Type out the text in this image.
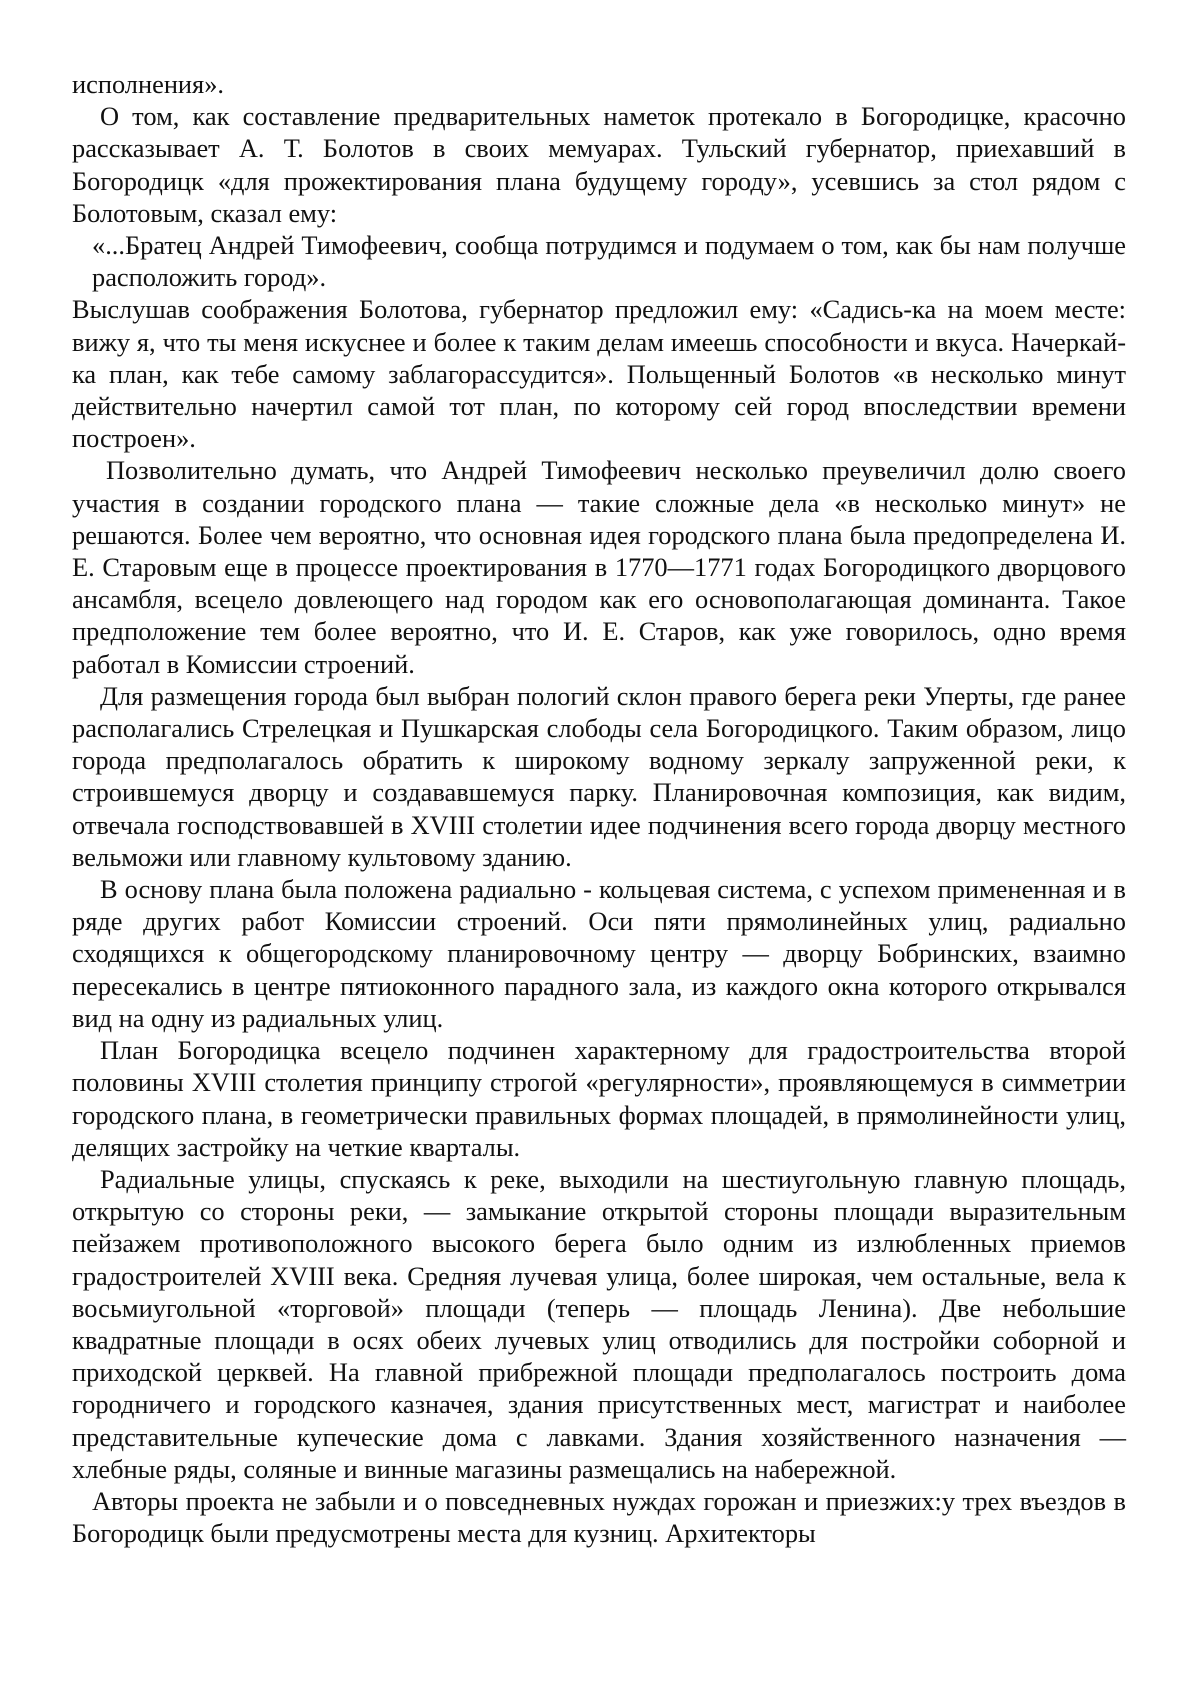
исполнения».

О том, как составление предварительных наметок протекало в Богородицке, красочно рассказывает А. Т. Болотов в своих мемуарах. Тульский губернатор, приехавший в Богородицк «для прожектирования плана будущему городу», усевшись за стол рядом с Болотовым, сказал ему:

«...Братец Андрей Тимофеевич, сообща потрудимся и подумаем о том, как бы нам получше расположить город».

Выслушав соображения Болотова, губернатор предложил ему: «Садись-ка на моем месте: вижу я, что ты меня искуснее и более к таким делам имеешь способности и вкуса. Начеркай-ка план, как тебе самому заблагорассудится». Польщенный Болотов «в несколько минут действительно начертил самой тот план, по которому сей город впоследствии времени построен».

Позволительно думать, что Андрей Тимофеевич несколько преувеличил долю своего участия в создании городского плана — такие сложные дела «в несколько минут» не решаются. Более чем вероятно, что основная идея городского плана была предопределена И. Е. Старовым еще в процессе проектирования в 1770—1771 годах Богородицкого дворцового ансамбля, всецело довлеющего над городом как его основополагающая доминанта. Такое предположение тем более вероятно, что И. Е. Старов, как уже говорилось, одно время работал в Комиссии строений.

Для размещения города был выбран пологий склон правого берега реки Уперты, где ранее располагались Стрелецкая и Пушкарская слободы села Богородицкого. Таким образом, лицо города предполагалось обратить к широкому водному зеркалу запруженной реки, к строившемуся дворцу и создававшемуся парку. Планировочная композиция, как видим, отвечала господствовавшей в XVIII столетии идее подчинения всего города дворцу местного вельможи или главному культовому зданию.

В основу плана была положена радиально - кольцевая система, с успехом примененная и в ряде других работ Комиссии строений. Оси пяти прямолинейных улиц, радиально сходящихся к общегородскому планировочному центру — дворцу Бобринских, взаимно пересекались в центре пятиоконного парадного зала, из каждого окна которого открывался вид на одну из радиальных улиц.

План Богородицка всецело подчинен характерному для градостроительства второй половины XVIII столетия принципу строгой «регулярности», проявляющемуся в симметрии городского плана, в геометрически правильных формах площадей, в прямолинейности улиц, делящих застройку на четкие кварталы.

Радиальные улицы, спускаясь к реке, выходили на шестиугольную главную площадь, открытую со стороны реки, — замыкание открытой стороны площади выразительным пейзажем противоположного высокого берега было одним из излюбленных приемов градостроителей XVIII века. Средняя лучевая улица, более широкая, чем остальные, вела к восьмиугольной «торговой» площади (теперь — площадь Ленина). Две небольшие квадратные площади в осях обеих лучевых улиц отводились для постройки соборной и приходской церквей. На главной прибрежной площади предполагалось построить дома городничего и городского казначея, здания присутственных мест, магистрат и наиболее представительные купеческие дома с лавками. Здания хозяйственного назначения — хлебные ряды, соляные и винные магазины размещались на набережной.

Авторы проекта не забыли и о повседневных нуждах горожан и приезжих:у трех въездов в Богородицк были предусмотрены места для кузниц. Архитекторы
